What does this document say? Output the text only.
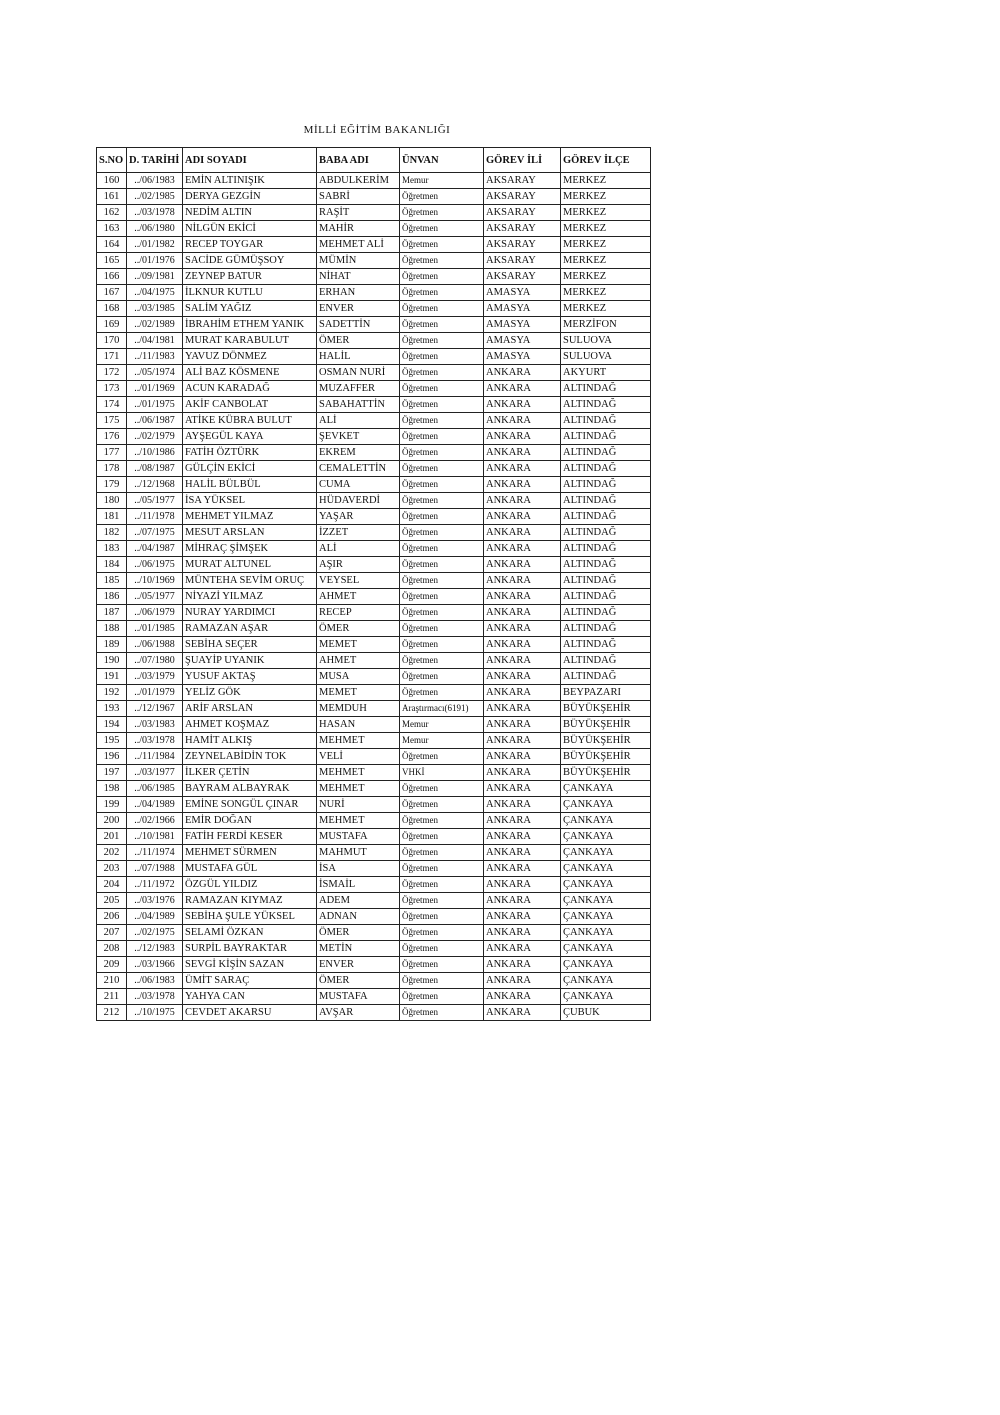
MİLLİ EĞİTİM BAKANLIĞI
S.NO	D. TARİHİ	ADI SOYADI	BABA ADI	ÜNVAN	GÖREV İLİ	GÖREV İLÇE
160	../06/1983	EMİN ALTINIŞIK	ABDULKERİM	Memur	AKSARAY	MERKEZ
161	../02/1985	DERYA GEZGİN	SABRİ	Öğretmen	AKSARAY	MERKEZ
162	../03/1978	NEDİM ALTIN	RAŞİT	Öğretmen	AKSARAY	MERKEZ
163	../06/1980	NİLGÜN EKİCİ	MAHİR	Öğretmen	AKSARAY	MERKEZ
164	../01/1982	RECEP TOYGAR	MEHMET ALİ	Öğretmen	AKSARAY	MERKEZ
165	../01/1976	SACİDE GÜMÜŞSOY	MÜMİN	Öğretmen	AKSARAY	MERKEZ
166	../09/1981	ZEYNEP BATUR	NİHAT	Öğretmen	AKSARAY	MERKEZ
167	../04/1975	İLKNUR KUTLU	ERHAN	Öğretmen	AMASYA	MERKEZ
168	../03/1985	SALİM YAĞIZ	ENVER	Öğretmen	AMASYA	MERKEZ
169	../02/1989	İBRAHİM ETHEM YANIK	SADETTİN	Öğretmen	AMASYA	MERZİFON
170	../04/1981	MURAT KARABULUT	ÖMER	Öğretmen	AMASYA	SULUOVA
171	../11/1983	YAVUZ DÖNMEZ	HALİL	Öğretmen	AMASYA	SULUOVA
172	../05/1974	ALİ BAZ KÖSMENE	OSMAN NURİ	Öğretmen	ANKARA	AKYURT
173	../01/1969	ACUN KARADAĞ	MUZAFFER	Öğretmen	ANKARA	ALTINDAĞ
174	../01/1975	AKİF CANBOLAT	SABAHATTİN	Öğretmen	ANKARA	ALTINDAĞ
175	../06/1987	ATİKE KÜBRA BULUT	ALİ	Öğretmen	ANKARA	ALTINDAĞ
176	../02/1979	AYŞEGÜL KAYA	ŞEVKET	Öğretmen	ANKARA	ALTINDAĞ
177	../10/1986	FATİH ÖZTÜRK	EKREM	Öğretmen	ANKARA	ALTINDAĞ
178	../08/1987	GÜLÇİN EKİCİ	CEMALETTİN	Öğretmen	ANKARA	ALTINDAĞ
179	../12/1968	HALİL BÜLBÜL	CUMA	Öğretmen	ANKARA	ALTINDAĞ
180	../05/1977	İSA YÜKSEL	HÜDAVERDİ	Öğretmen	ANKARA	ALTINDAĞ
181	../11/1978	MEHMET YILMAZ	YAŞAR	Öğretmen	ANKARA	ALTINDAĞ
182	../07/1975	MESUT ARSLAN	İZZET	Öğretmen	ANKARA	ALTINDAĞ
183	../04/1987	MİHRAÇ ŞİMŞEK	ALİ	Öğretmen	ANKARA	ALTINDAĞ
184	../06/1975	MURAT ALTUNEL	AŞIR	Öğretmen	ANKARA	ALTINDAĞ
185	../10/1969	MÜNTEHA SEVİM ORUÇ	VEYSEL	Öğretmen	ANKARA	ALTINDAĞ
186	../05/1977	NİYAZİ YILMAZ	AHMET	Öğretmen	ANKARA	ALTINDAĞ
187	../06/1979	NURAY YARDIMCI	RECEP	Öğretmen	ANKARA	ALTINDAĞ
188	../01/1985	RAMAZAN AŞAR	ÖMER	Öğretmen	ANKARA	ALTINDAĞ
189	../06/1988	SEBİHA SEÇER	MEMET	Öğretmen	ANKARA	ALTINDAĞ
190	../07/1980	ŞUAYİP UYANIK	AHMET	Öğretmen	ANKARA	ALTINDAĞ
191	../03/1979	YUSUF AKTAŞ	MUSA	Öğretmen	ANKARA	ALTINDAĞ
192	../01/1979	YELİZ GÖK	MEMET	Öğretmen	ANKARA	BEYPAZARI
193	../12/1967	ARİF ARSLAN	MEMDUH	Araştırmacı(6191)	ANKARA	BÜYÜKŞEHİR
194	../03/1983	AHMET KOŞMAZ	HASAN	Memur	ANKARA	BÜYÜKŞEHİR
195	../03/1978	HAMİT ALKIŞ	MEHMET	Memur	ANKARA	BÜYÜKŞEHİR
196	../11/1984	ZEYNELABİDİN TOK	VELİ	Öğretmen	ANKARA	BÜYÜKŞEHİR
197	../03/1977	İLKER ÇETİN	MEHMET	VHKİ	ANKARA	BÜYÜKŞEHİR
198	../06/1985	BAYRAM ALBAYRAK	MEHMET	Öğretmen	ANKARA	ÇANKAYA
199	../04/1989	EMİNE SONGÜL ÇINAR	NURİ	Öğretmen	ANKARA	ÇANKAYA
200	../02/1966	EMİR DOĞAN	MEHMET	Öğretmen	ANKARA	ÇANKAYA
201	../10/1981	FATİH FERDİ KESER	MUSTAFA	Öğretmen	ANKARA	ÇANKAYA
202	../11/1974	MEHMET SÜRMEN	MAHMUT	Öğretmen	ANKARA	ÇANKAYA
203	../07/1988	MUSTAFA GÜL	İSA	Öğretmen	ANKARA	ÇANKAYA
204	../11/1972	ÖZGÜL YILDIZ	İSMAİL	Öğretmen	ANKARA	ÇANKAYA
205	../03/1976	RAMAZAN KIYMAZ	ADEM	Öğretmen	ANKARA	ÇANKAYA
206	../04/1989	SEBİHA ŞULE YÜKSEL	ADNAN	Öğretmen	ANKARA	ÇANKAYA
207	../02/1975	SELAMİ ÖZKAN	ÖMER	Öğretmen	ANKARA	ÇANKAYA
208	../12/1983	SURPİL BAYRAKTAR	METİN	Öğretmen	ANKARA	ÇANKAYA
209	../03/1966	SEVGİ KİŞİN SAZAN	ENVER	Öğretmen	ANKARA	ÇANKAYA
210	../06/1983	ÜMİT SARAÇ	ÖMER	Öğretmen	ANKARA	ÇANKAYA
211	../03/1978	YAHYA CAN	MUSTAFA	Öğretmen	ANKARA	ÇANKAYA
212	../10/1975	CEVDET AKARSU	AVŞAR	Öğretmen	ANKARA	ÇUBUK
